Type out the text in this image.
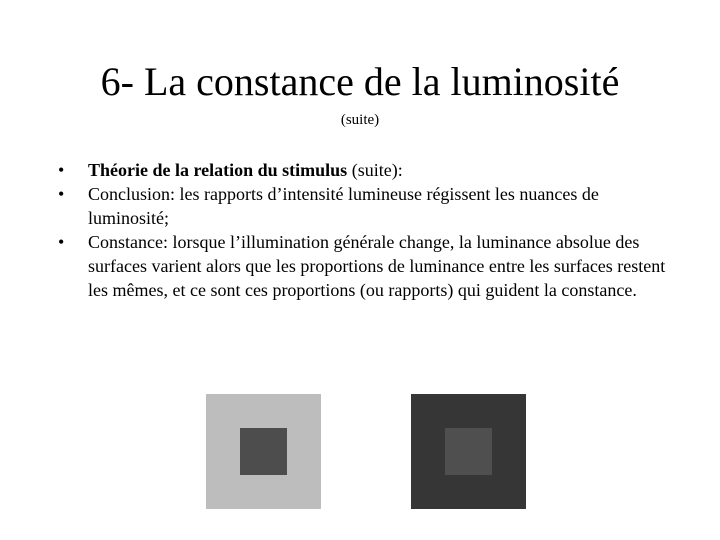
6- La constance de la luminosité
(suite)
• Théorie de la relation du stimulus (suite):
• Conclusion: les rapports d’intensité lumineuse régissent les nuances de luminosité;
• Constance: lorsque l’illumination générale change, la luminance absolue des surfaces varient alors que les proportions de luminance entre les surfaces restent les mêmes, et ce sont ces proportions (ou rapports) qui guident la constance.
